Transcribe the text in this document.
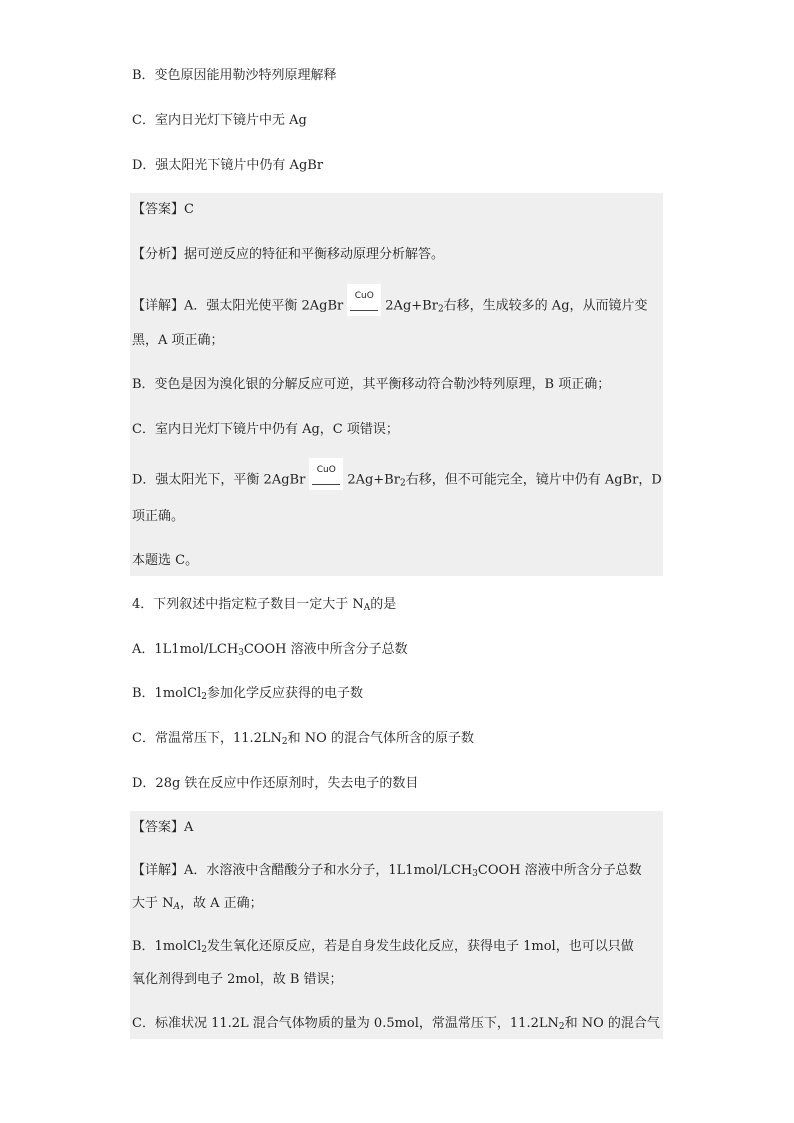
B．变色原因能用勒沙特列原理解释
C．室内日光灯下镜片中无 Ag
D．强太阳光下镜片中仍有 AgBr
【答案】C
【分析】据可逆反应的特征和平衡移动原理分析解答。
【详解】A．强太阳光使平衡 2AgBr
CuO
$2Ag+Br_2$右移，生成较多的 Ag，从而镜片变
黑，A 项正确；
B．变色是因为溴化银的分解反应可逆，其平衡移动符合勒沙特列原理，B 项正确；
C．室内日光灯下镜片中仍有 Ag，C 项错误；
D．强太阳光下，平衡 2AgBr
CuO
$2Ag+Br_2$右移，但不可能完全，镜片中仍有 AgBr，D
项正确。
本题选 C。
4．下列叙述中指定粒子数目一定大于 $N_A$的是
A．$1L1mol/LCH_3COOH$ 溶液中所含分子总数
B．1molCl$_2$参加化学反应获得的电子数
C．常温常压下，$11.2LN_2$和 NO 的混合气体所含的原子数
D．28g 铁在反应中作还原剂时，失去电子的数目
【答案】A
【详解】A．水溶液中含醋酸分子和水分子，$1L1mol/LCH_3COOH$ 溶液中所含分子总数
大于 $N_A$，故 A 正确；
B．1molCl$_2$发生氧化还原反应，若是自身发生歧化反应，获得电子 1mol，也可以只做
氧化剂得到电子 2mol，故 B 错误；
C．标准状况 11.2L 混合气体物质的量为 0.5mol，常温常压下，$11.2LN_2$和 NO 的混合气
